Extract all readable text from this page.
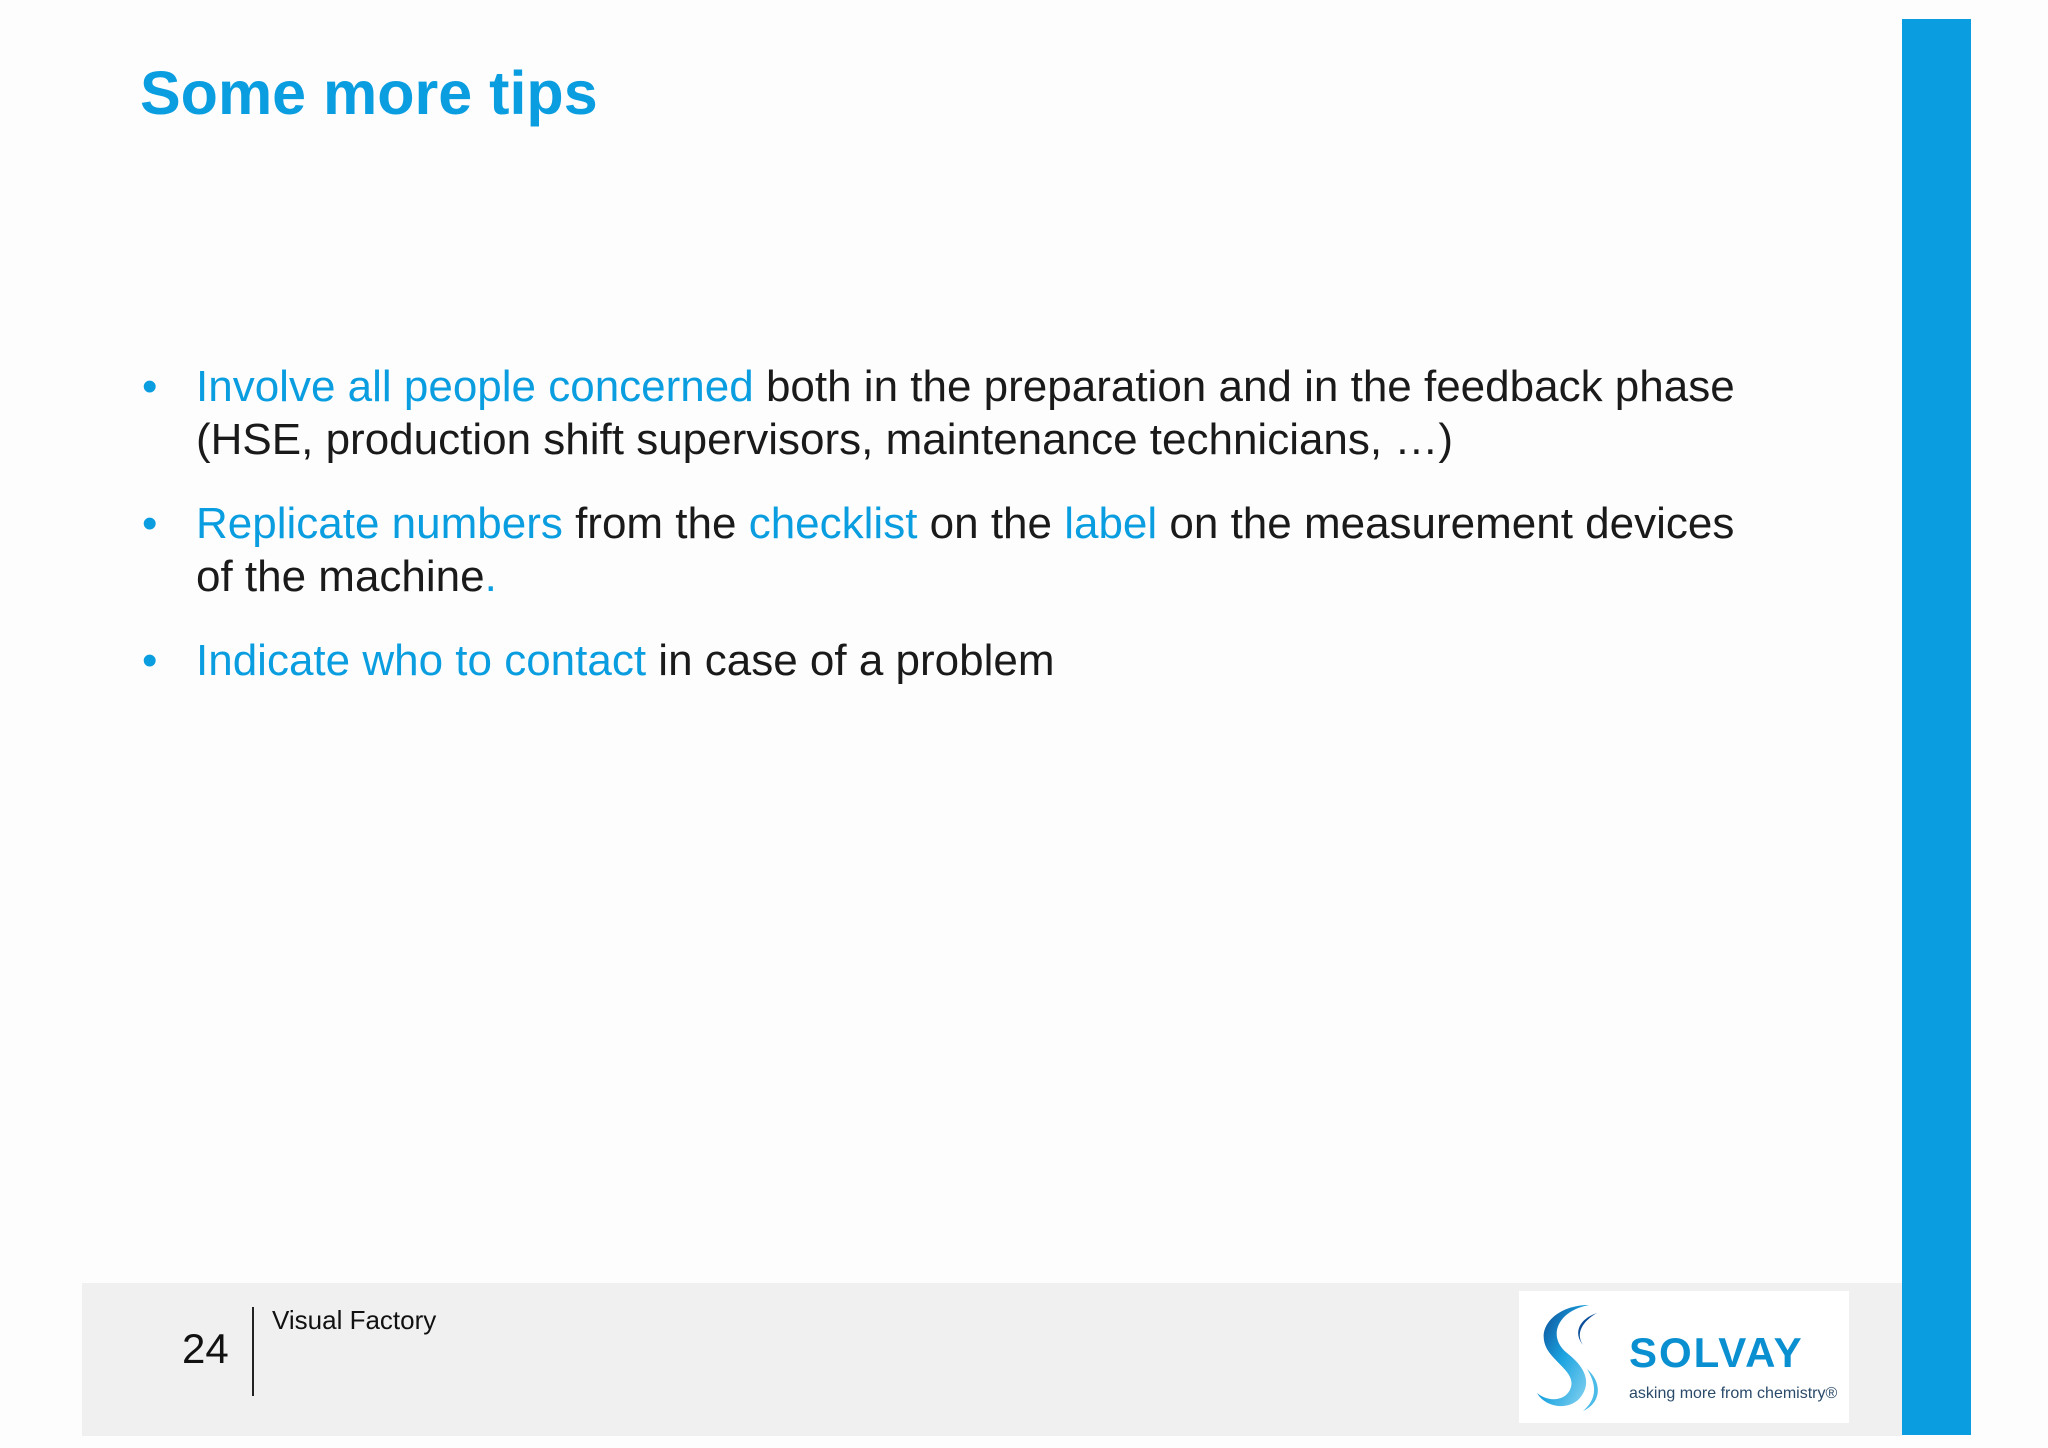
Some more tips
• Involve all people concerned both in the preparation and in the feedback phase (HSE, production shift supervisors, maintenance technicians, …)
• Replicate numbers from the checklist on the label on the measurement devices of the machine.
• Indicate who to contact in case of a problem
24
Visual Factory
SOLVAY
asking more from chemistry®
